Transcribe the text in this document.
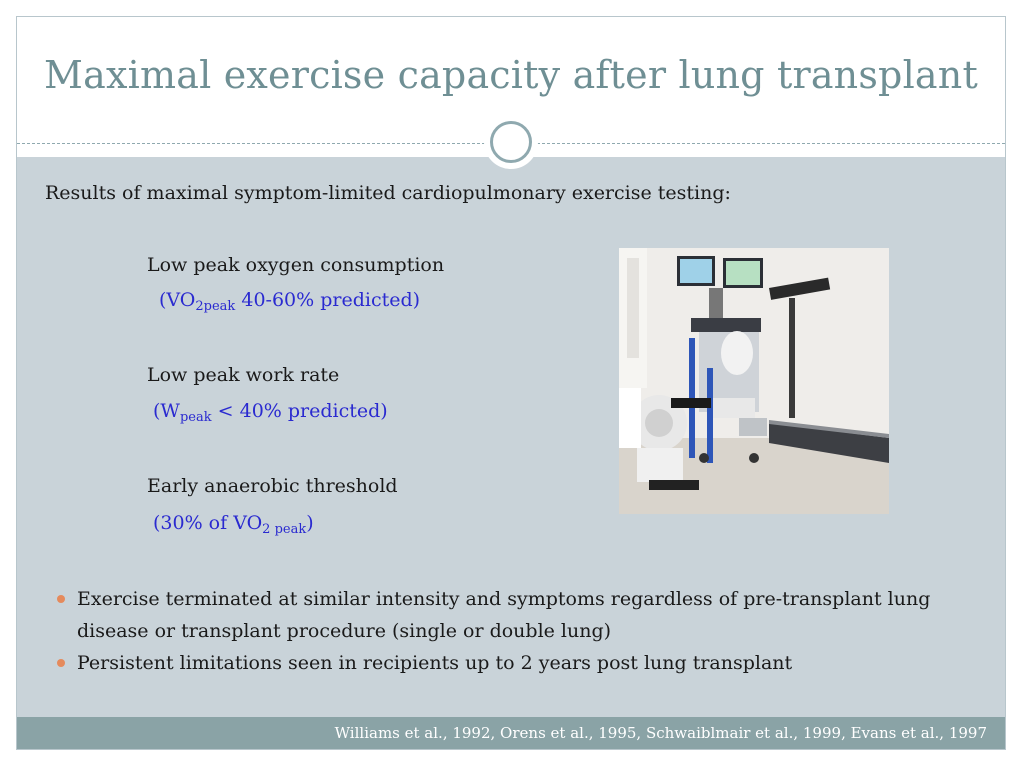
Maximal exercise capacity after lung transplant
Results of maximal symptom-limited cardiopulmonary exercise testing:
Low peak oxygen consumption
($VO_{2peak}$ 40-60% predicted)
Low peak work rate
($W_{peak} < 40\%$ predicted)
Early anaerobic threshold
(30% of $VO_{2 peak}$)
Exercise terminated at similar intensity and symptoms regardless of pre-transplant lung disease or transplant procedure (single or double lung)
Persistent limitations seen in recipients up to 2 years post lung transplant
Williams et al., 1992, Orens et al., 1995, Schwaiblmair et al., 1999, Evans et al., 1997
